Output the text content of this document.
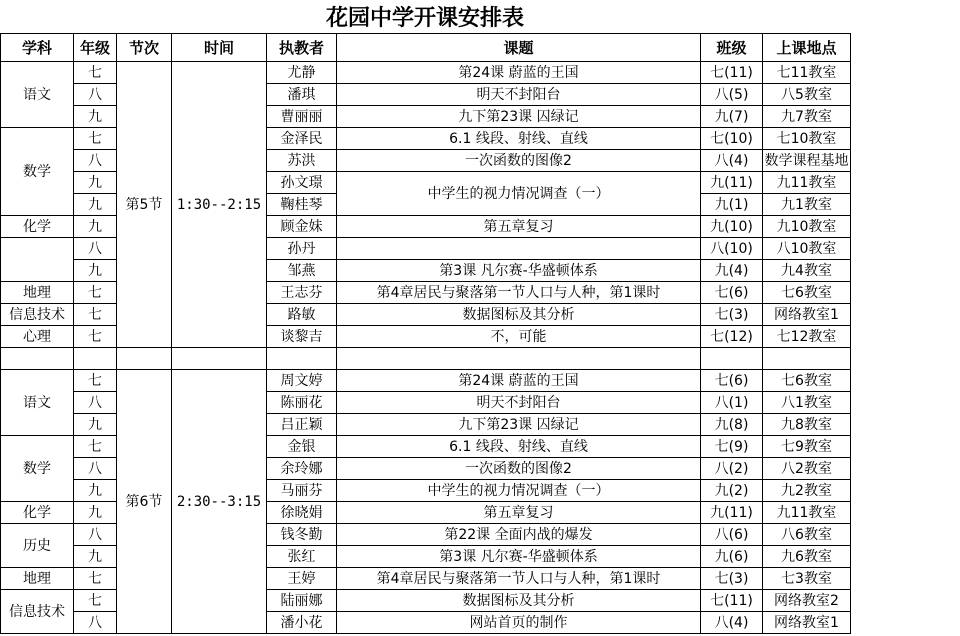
花园中学开课安排表
学科	年级	节次	时间	执教者	课题	班级	上课地点
语文	七	第5节	1:30--2:15	尤静	第24课 蔚蓝的王国	七(11)	七11教室
	八			潘琪	明天不封阳台	八(5)	八5教室
	九			曹丽丽	九下第23课 囚绿记	九(7)	九7教室
数学	七			金泽民	6.1 线段、射线、直线	七(10)	七10教室
	八			苏洪	一次函数的图像2	八(4)	数学课程基地
	九			孙文璟	中学生的视力情况调查（一）	九(11)	九11教室
	九			鞠桂琴		九(1)	九1教室
化学	九			顾金妹	第五章复习	九(10)	九10教室
	八			孙丹		八(10)	八10教室
	九			邹燕	第3课 凡尔赛-华盛顿体系	九(4)	九4教室
地理	七			王志芬	第4章居民与聚落第一节人口与人种，第1课时	七(6)	七6教室
信息技术	七			路敏	数据图标及其分析	七(3)	网络教室1
心理	七			谈黎吉	不，可能	七(12)	七12教室

语文	七	第6节	2:30--3:15	周文婷	第24课 蔚蓝的王国	七(6)	七6教室
	八			陈丽花	明天不封阳台	八(1)	八1教室
	九			吕正颖	九下第23课 囚绿记	九(8)	九8教室
数学	七			金银	6.1 线段、射线、直线	七(9)	七9教室
	八			余玲娜	一次函数的图像2	八(2)	八2教室
	九			马丽芬	中学生的视力情况调查（一）	九(2)	九2教室
化学	九			徐晓娟	第五章复习	九(11)	九11教室
历史	八			钱冬勤	第22课 全面内战的爆发	八(6)	八6教室
	九			张红	第3课 凡尔赛-华盛顿体系	九(6)	九6教室
地理	七			王婷	第4章居民与聚落第一节人口与人种，第1课时	七(3)	七3教室
信息技术	七			陆丽娜	数据图标及其分析	七(11)	网络教室2
	八			潘小花	网站首页的制作	八(4)	网络教室1
